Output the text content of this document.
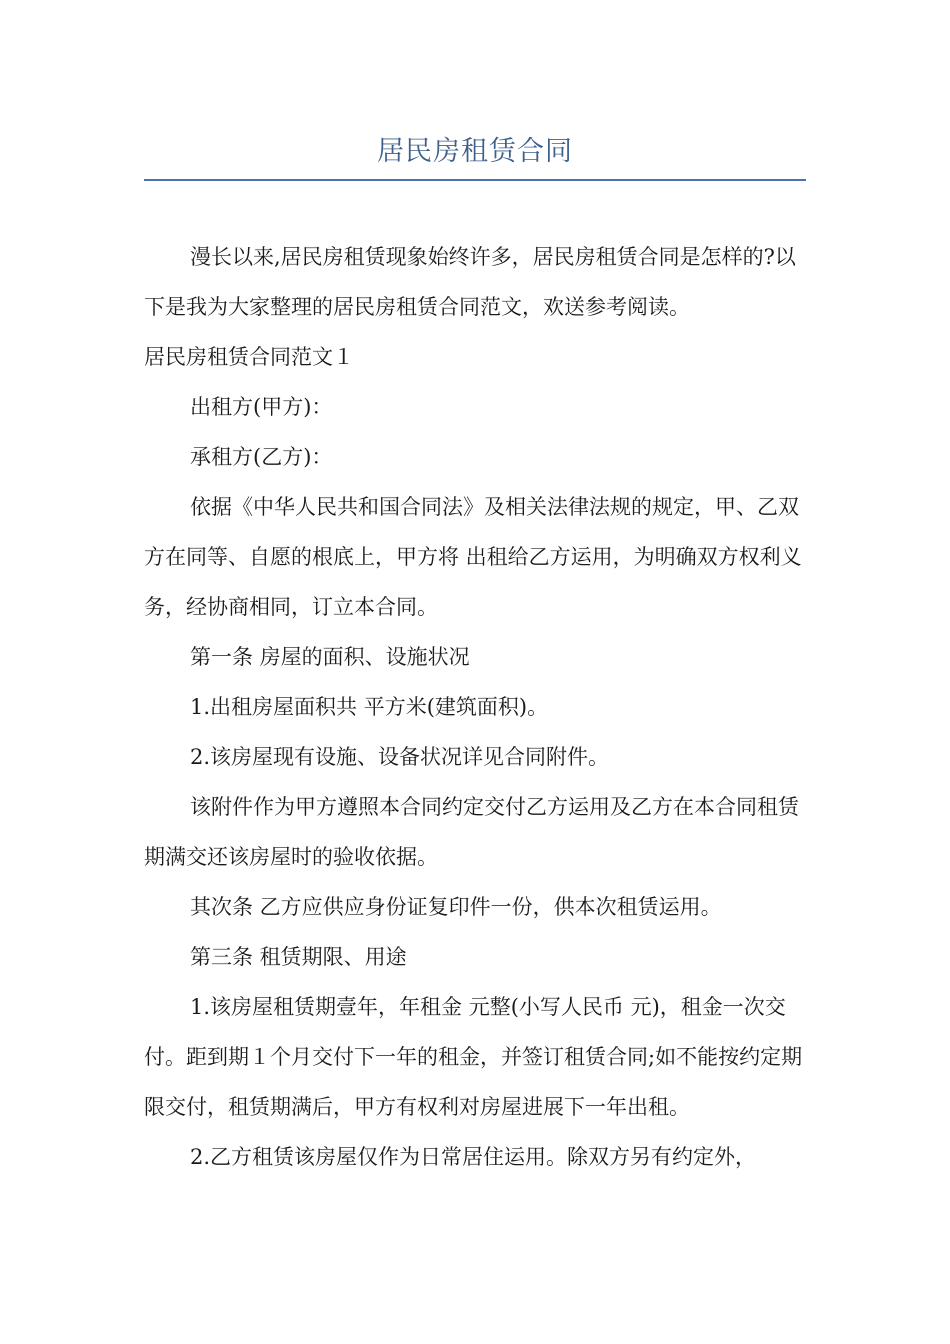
居民房租赁合同

漫长以来,居民房租赁现象始终许多，居民房租赁合同是怎样的?以下是我为大家整理的居民房租赁合同范文，欢送参考阅读。

居民房租赁合同范文１

出租方(甲方)：

承租方(乙方)：

依据《中华人民共和国合同法》及相关法律法规的规定，甲、乙双方在同等、自愿的根底上，甲方将 出租给乙方运用，为明确双方权利义务，经协商相同，订立本合同。

第一条 房屋的面积、设施状况

1.出租房屋面积共 平方米(建筑面积)。

2.该房屋现有设施、设备状况详见合同附件。

该附件作为甲方遵照本合同约定交付乙方运用及乙方在本合同租赁期满交还该房屋时的验收依据。

其次条 乙方应供应身份证复印件一份，供本次租赁运用。

第三条 租赁期限、用途

1.该房屋租赁期壹年，年租金 元整(小写人民币 元)，租金一次交付。距到期１个月交付下一年的租金，并签订租赁合同;如不能按约定期限交付，租赁期满后，甲方有权利对房屋进展下一年出租。

2.乙方租赁该房屋仅作为日常居住运用。除双方另有约定外，
